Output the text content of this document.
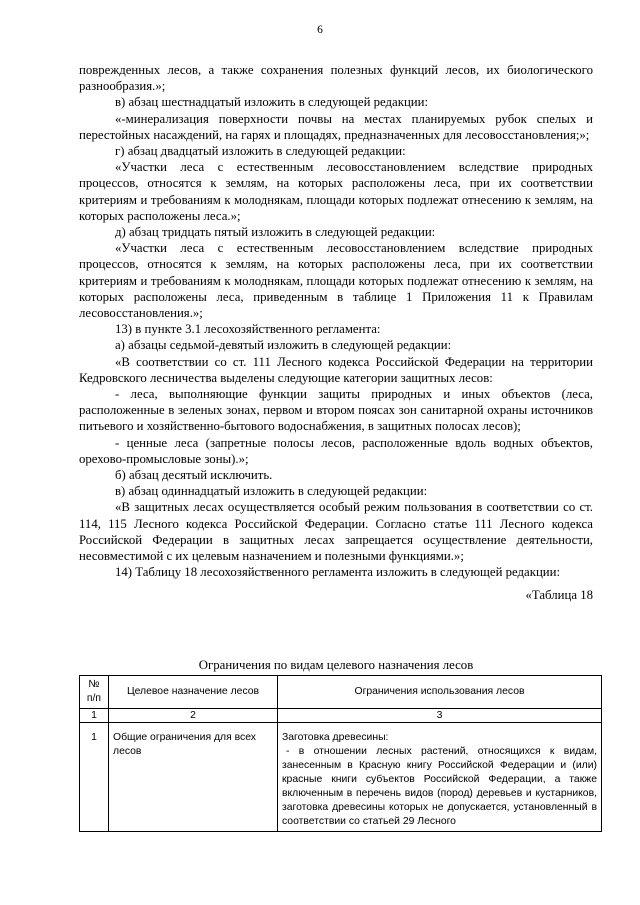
6

поврежденных лесов, а также сохранения полезных функций лесов, их биологического разнообразия.»;

в) абзац шестнадцатый изложить в следующей редакции:

«-минерализация поверхности почвы на местах планируемых рубок спелых и перестойных насаждений, на гарях и площадях, предназначенных для лесовосстановления;»;

г) абзац двадцатый изложить в следующей редакции:

«Участки леса с естественным лесовосстановлением вследствие природных процессов, относятся к землям, на которых расположены леса, при их соответствии критериям и требованиям к молоднякам, площади которых подлежат отнесению к землям, на которых расположены леса.»;

д) абзац тридцать пятый изложить в следующей редакции:

«Участки леса с естественным лесовосстановлением вследствие природных процессов, относятся к землям, на которых расположены леса, при их соответствии критериям и требованиям к молоднякам, площади которых подлежат отнесению к землям, на которых расположены леса, приведенным в таблице 1 Приложения 11 к Правилам лесовосстановления.»;

13) в пункте 3.1 лесохозяйственного регламента:

а) абзацы седьмой-девятый изложить в следующей редакции:

«В соответствии со ст. 111 Лесного кодекса Российской Федерации на территории Кедровского лесничества выделены следующие категории защитных лесов:

- леса, выполняющие функции защиты природных и иных объектов (леса, расположенные в зеленых зонах, первом и втором поясах зон санитарной охраны источников питьевого и хозяйственно-бытового водоснабжения, в защитных полосах лесов);

- ценные леса (запретные полосы лесов, расположенные вдоль водных объектов, орехово-промысловые зоны).»;

б) абзац десятый исключить.

в) абзац одиннадцатый изложить в следующей редакции:

«В защитных лесах осуществляется особый режим пользования в соответствии со ст. 114, 115 Лесного кодекса Российской Федерации. Согласно статье 111 Лесного кодекса Российской Федерации в защитных лесах запрещается осуществление деятельности, несовместимой с их целевым назначением и полезными функциями.»;

14) Таблицу 18 лесохозяйственного регламента изложить в следующей редакции:

«Таблица 18

Ограничения по видам целевого назначения лесов
№ п/п	Целевое назначение лесов	Ограничения использования лесов
1	2	3
1	Общие ограничения для всех лесов	Заготовка древесины:
- в отношении лесных растений, относящихся к видам, занесенным в Красную книгу Российской Федерации и (или) красные книги субъектов Российской Федерации, а также включенным в перечень видов (пород) деревьев и кустарников, заготовка древесины которых не допускается, установленный в соответствии со статьей 29 Лесного
